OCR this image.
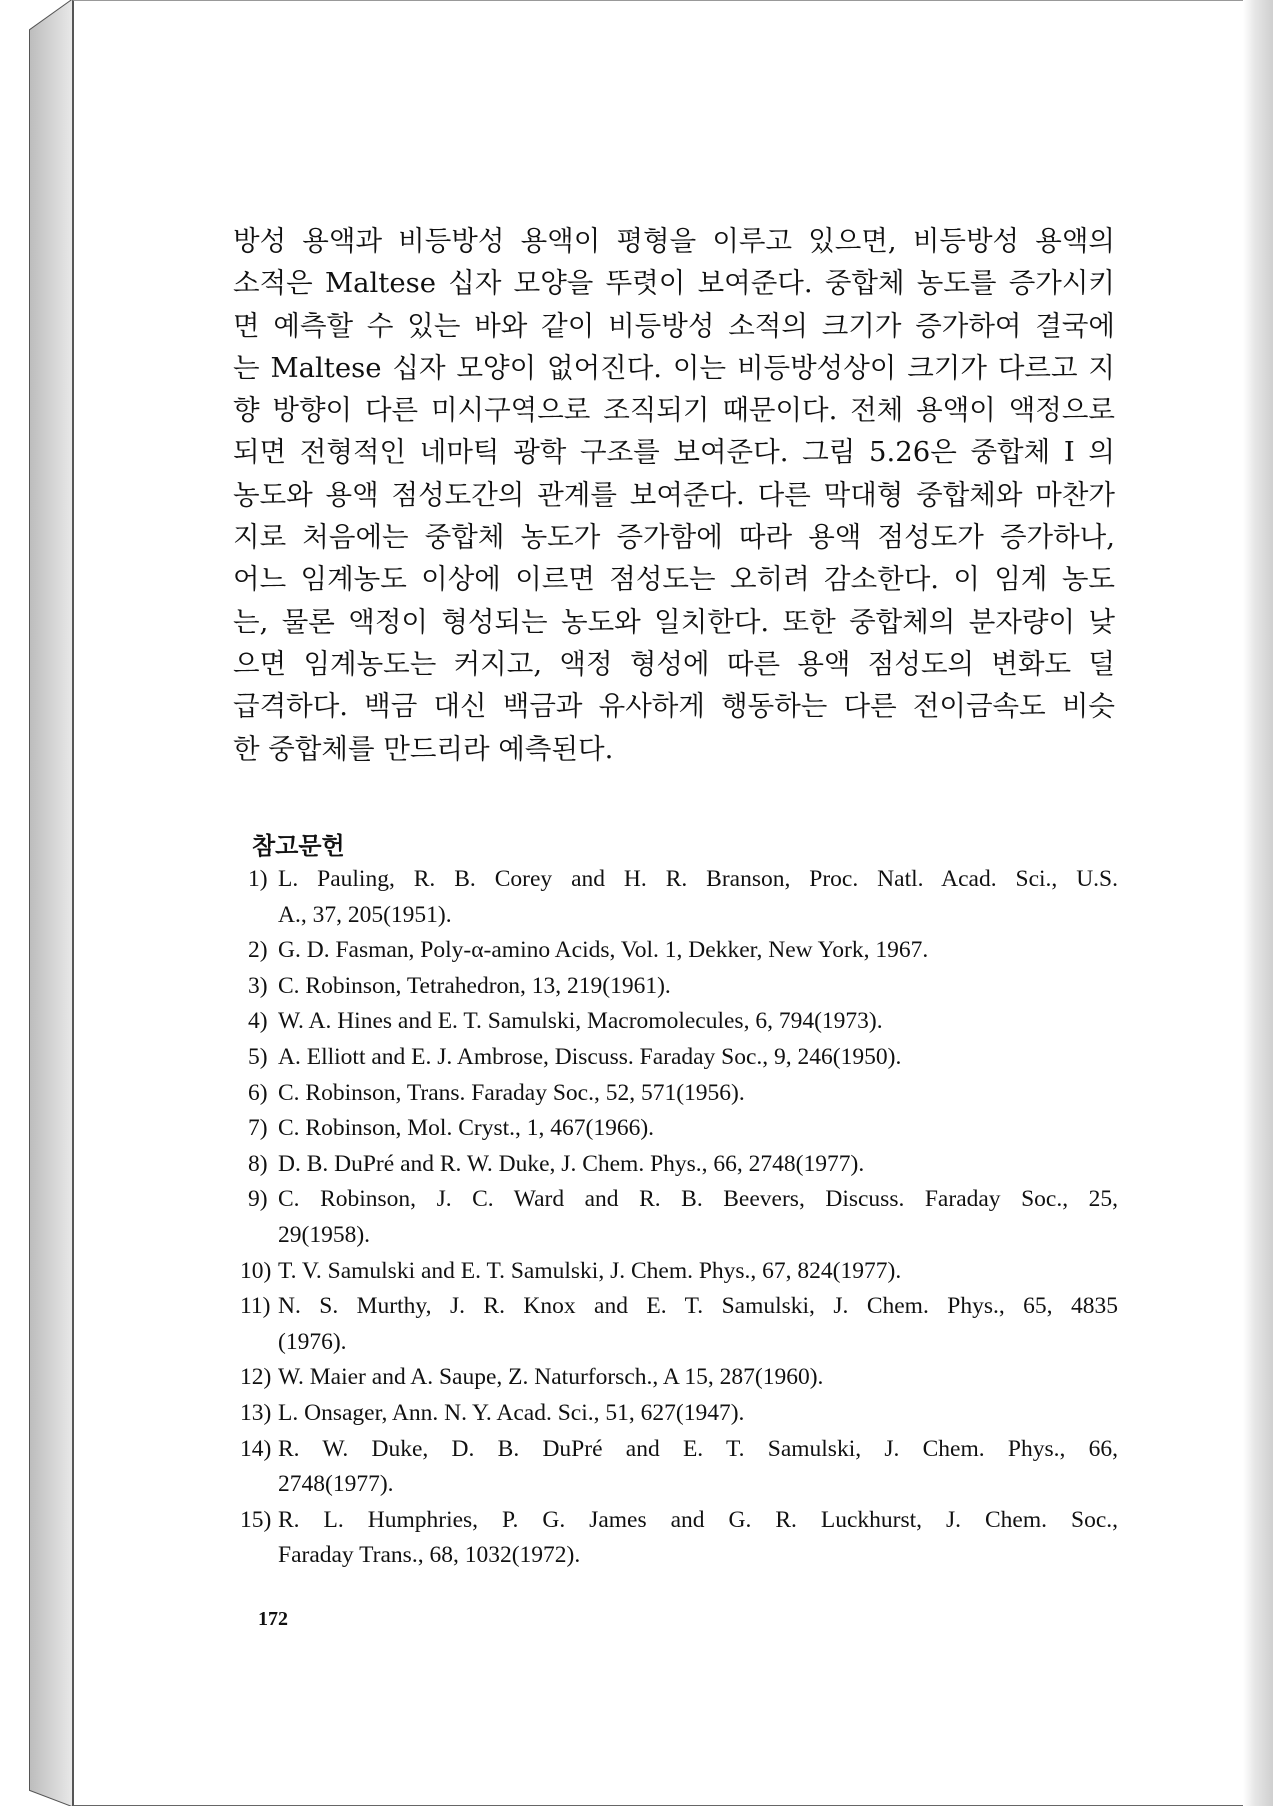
방성 용액과 비등방성 용액이 평형을 이루고 있으면, 비등방성 용액의
소적은 Maltese 십자 모양을 뚜렷이 보여준다. 중합체 농도를 증가시키
면 예측할 수 있는 바와 같이 비등방성 소적의 크기가 증가하여 결국에
는 Maltese 십자 모양이 없어진다. 이는 비등방성상이 크기가 다르고 지
향 방향이 다른 미시구역으로 조직되기 때문이다. 전체 용액이 액정으로
되면 전형적인 네마틱 광학 구조를 보여준다. 그림 5.26은 중합체 I 의
농도와 용액 점성도간의 관계를 보여준다. 다른 막대형 중합체와 마찬가
지로 처음에는 중합체 농도가 증가함에 따라 용액 점성도가 증가하나,
어느 임계농도 이상에 이르면 점성도는 오히려 감소한다. 이 임계 농도
는, 물론 액정이 형성되는 농도와 일치한다. 또한 중합체의 분자량이 낮
으면 임계농도는 커지고, 액정 형성에 따른 용액 점성도의 변화도 덜
급격하다. 백금 대신 백금과 유사하게 행동하는 다른 전이금속도 비슷
한 중합체를 만드리라 예측된다.
참고문헌
1) L. Pauling, R. B. Corey and H. R. Branson, Proc. Natl. Acad. Sci., U.S.
A., 37, 205(1951).
2) G. D. Fasman, Poly-α-amino Acids, Vol. 1, Dekker, New York, 1967.
3) C. Robinson, Tetrahedron, 13, 219(1961).
4) W. A. Hines and E. T. Samulski, Macromolecules, 6, 794(1973).
5) A. Elliott and E. J. Ambrose, Discuss. Faraday Soc., 9, 246(1950).
6) C. Robinson, Trans. Faraday Soc., 52, 571(1956).
7) C. Robinson, Mol. Cryst., 1, 467(1966).
8) D. B. DuPré and R. W. Duke, J. Chem. Phys., 66, 2748(1977).
9) C. Robinson, J. C. Ward and R. B. Beevers, Discuss. Faraday Soc., 25,
29(1958).
10) T. V. Samulski and E. T. Samulski, J. Chem. Phys., 67, 824(1977).
11) N. S. Murthy, J. R. Knox and E. T. Samulski, J. Chem. Phys., 65, 4835
(1976).
12) W. Maier and A. Saupe, Z. Naturforsch., A 15, 287(1960).
13) L. Onsager, Ann. N. Y. Acad. Sci., 51, 627(1947).
14) R. W. Duke, D. B. DuPré and E. T. Samulski, J. Chem. Phys., 66,
2748(1977).
15) R. L. Humphries, P. G. James and G. R. Luckhurst, J. Chem. Soc.,
Faraday Trans., 68, 1032(1972).
172
